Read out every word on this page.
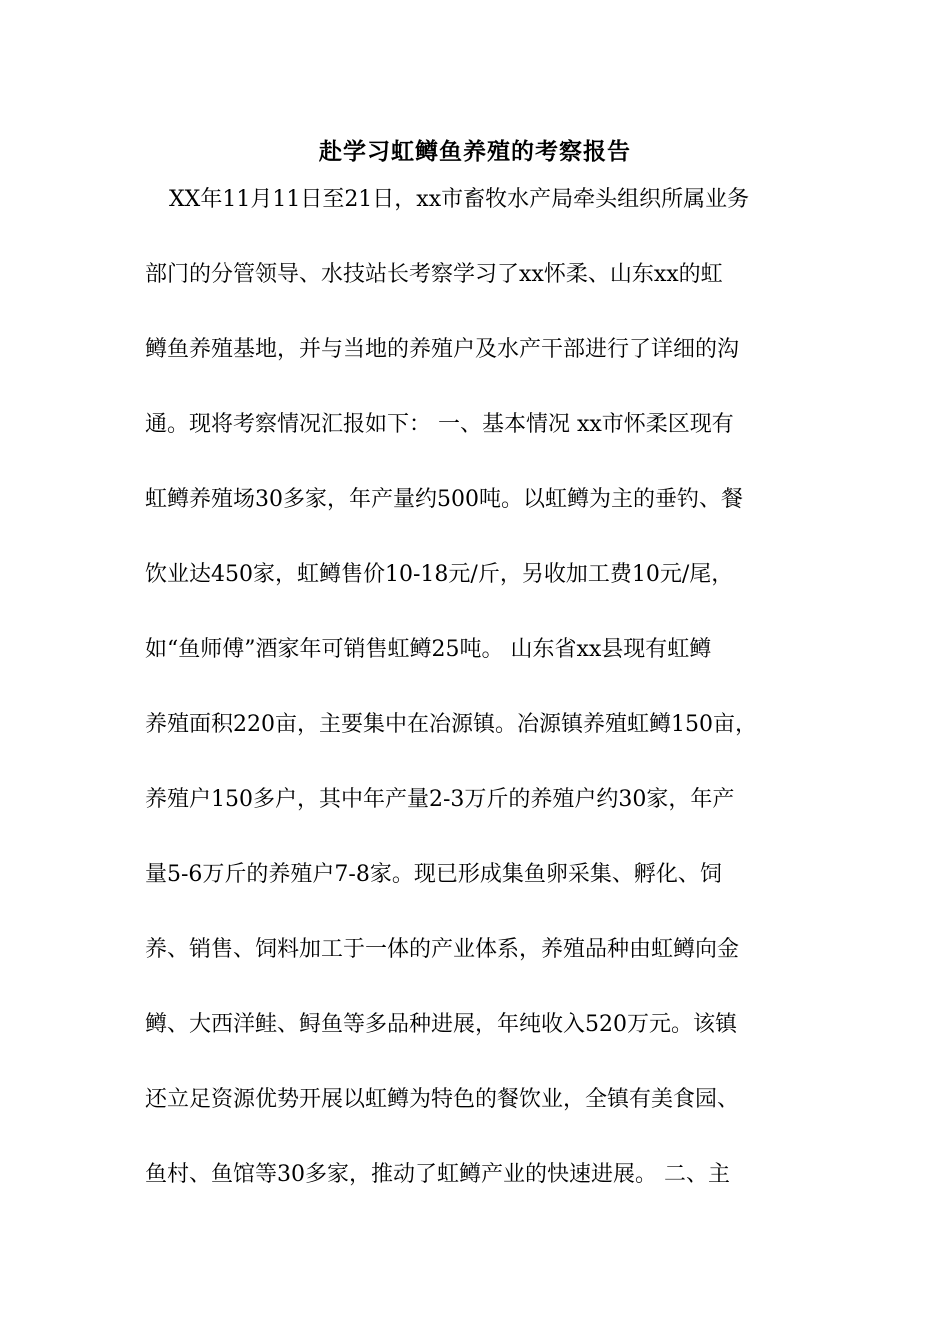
赴学习虹鳟鱼养殖的考察报告
XX年11月11日至21日，xx市畜牧水产局牵头组织所属业务
部门的分管领导、水技站长考察学习了xx怀柔、山东xx的虹
鳟鱼养殖基地，并与当地的养殖户及水产干部进行了详细的沟
通。现将考察情况汇报如下： 一、基本情况 xx市怀柔区现有
虹鳟养殖场30多家，年产量约500吨。以虹鳟为主的垂钓、餐
饮业达450家，虹鳟售价10-18元/斤，另收加工费10元/尾，
如“鱼师傅”酒家年可销售虹鳟25吨。 山东省xx县现有虹鳟
养殖面积220亩，主要集中在冶源镇。冶源镇养殖虹鳟150亩，
养殖户150多户，其中年产量2-3万斤的养殖户约30家，年产
量5-6万斤的养殖户7-8家。现已形成集鱼卵采集、孵化、饲
养、销售、饲料加工于一体的产业体系，养殖品种由虹鳟向金
鳟、大西洋鲑、鲟鱼等多品种进展，年纯收入520万元。该镇
还立足资源优势开展以虹鳟为特色的餐饮业，全镇有美食园、
鱼村、鱼馆等30多家，推动了虹鳟产业的快速进展。 二、主
